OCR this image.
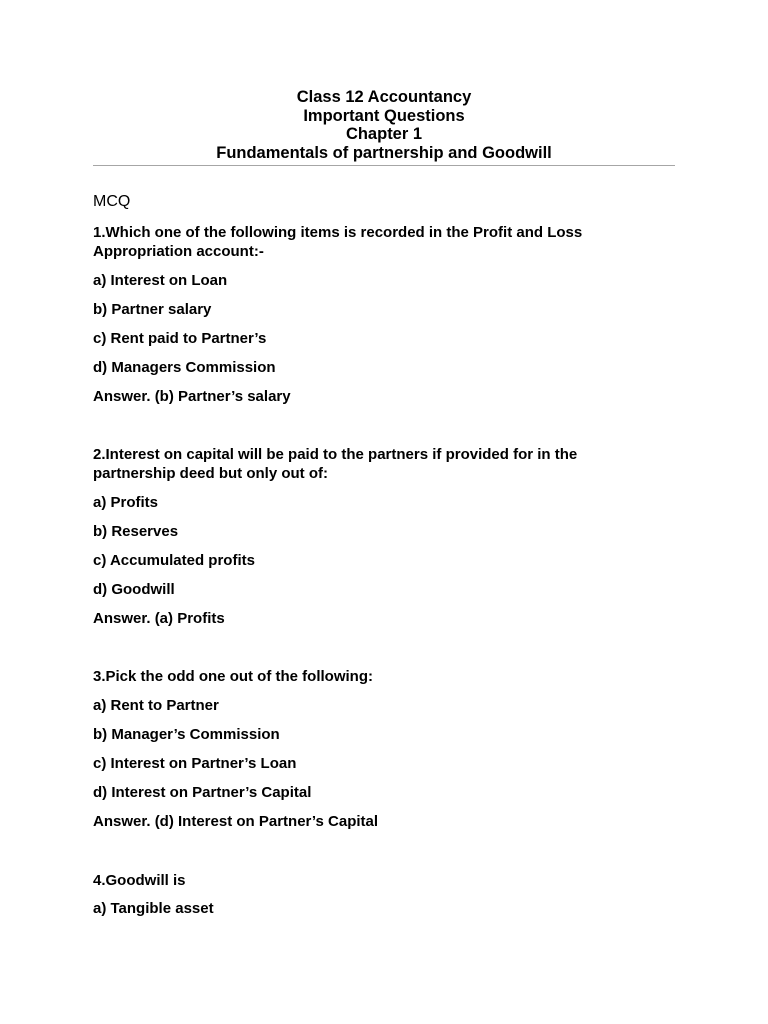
Class 12 Accountancy
Important Questions
Chapter 1
Fundamentals of partnership and Goodwill
MCQ
1.Which one of the following items is recorded in the Profit and Loss Appropriation account:-
a) Interest on Loan
b) Partner salary
c) Rent paid to Partner’s
d) Managers Commission
Answer. (b) Partner’s salary
2.Interest on capital will be paid to the partners if provided for in the partnership deed but only out of:
a) Profits
b) Reserves
c) Accumulated profits
d) Goodwill
Answer. (a) Profits
3.Pick the odd one out of the following:
a) Rent to Partner
b) Manager’s Commission
c) Interest on Partner’s Loan
d) Interest on Partner’s Capital
Answer. (d) Interest on Partner’s Capital
4.Goodwill is
a) Tangible asset
